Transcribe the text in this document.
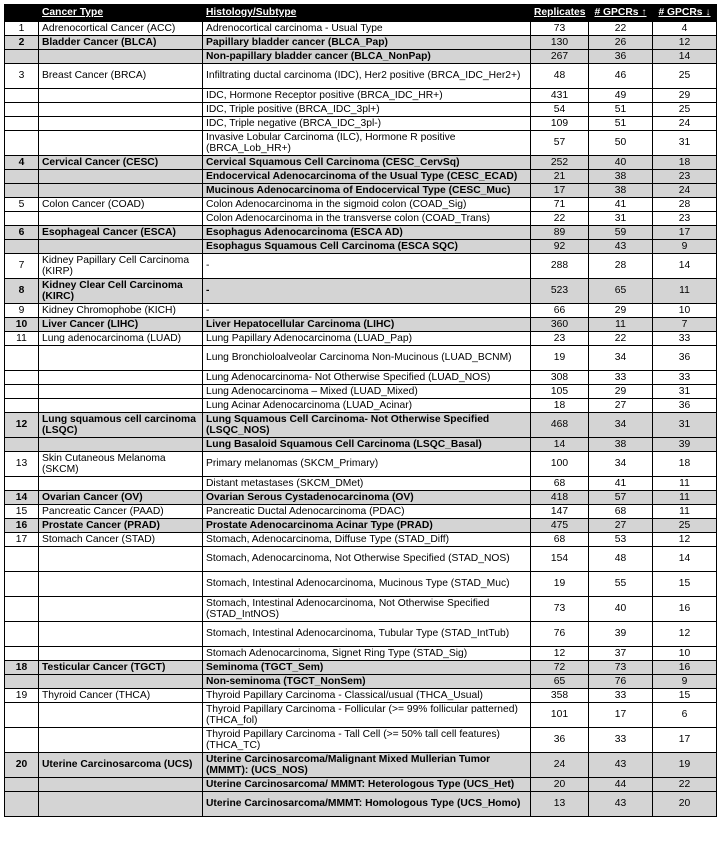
	Cancer Type	Histology/Subtype	Replicates	# GPCRs ↑	# GPCRs ↓
1	Adrenocortical Cancer (ACC)	Adrenocortical carcinoma - Usual Type	73	22	4
2	Bladder Cancer (BLCA)	Papillary bladder cancer (BLCA_Pap)	130	26	12
		Non-papillary bladder cancer (BLCA_NonPap)	267	36	14
3	Breast Cancer (BRCA)	Infiltrating ductal carcinoma (IDC), Her2 positive (BRCA_IDC_Her2+)	48	46	25
		IDC, Hormone Receptor positive (BRCA_IDC_HR+)	431	49	29
		IDC, Triple positive (BRCA_IDC_3pl+)	54	51	25
		IDC, Triple negative (BRCA_IDC_3pl-)	109	51	24
		Invasive Lobular Carcinoma (ILC), Hormone R positive (BRCA_Lob_HR+)	57	50	31
4	Cervical Cancer (CESC)	Cervical Squamous Cell Carcinoma (CESC_CervSq)	252	40	18
		Endocervical Adenocarcinoma of the Usual Type (CESC_ECAD)	21	38	23
		Mucinous Adenocarcinoma of Endocervical Type (CESC_Muc)	17	38	24
5	Colon Cancer (COAD)	Colon Adenocarcinoma in the sigmoid colon (COAD_Sig)	71	41	28
		Colon Adenocarcinoma in the transverse colon (COAD_Trans)	22	31	23
6	Esophageal Cancer (ESCA)	Esophagus Adenocarcinoma (ESCA AD)	89	59	17
		Esophagus Squamous Cell Carcinoma (ESCA SQC)	92	43	9
7	Kidney Papillary Cell Carcinoma (KIRP)	-	288	28	14
8	Kidney Clear Cell Carcinoma (KIRC)	-	523	65	11
9	Kidney Chromophobe (KICH)	-	66	29	10
10	Liver Cancer (LIHC)	Liver Hepatocellular Carcinoma (LIHC)	360	11	7
11	Lung adenocarcinoma (LUAD)	Lung Papillary Adenocarcinoma (LUAD_Pap)	23	22	33
		Lung Bronchioloalveolar Carcinoma Non-Mucinous (LUAD_BCNM)	19	34	36
		Lung Adenocarcinoma- Not Otherwise Specified (LUAD_NOS)	308	33	33
		Lung Adenocarcinoma – Mixed (LUAD_Mixed)	105	29	31
		Lung Acinar Adenocarcinoma (LUAD_Acinar)	18	27	36
12	Lung squamous cell carcinoma (LSQC)	Lung Squamous Cell Carcinoma- Not Otherwise Specified (LSQC_NOS)	468	34	31
		Lung Basaloid Squamous Cell Carcinoma (LSQC_Basal)	14	38	39
13	Skin Cutaneous Melanoma (SKCM)	Primary melanomas (SKCM_Primary)	100	34	18
		Distant metastases (SKCM_DMet)	68	41	11
14	Ovarian Cancer (OV)	Ovarian Serous Cystadenocarcinoma (OV)	418	57	11
15	Pancreatic Cancer (PAAD)	Pancreatic Ductal Adenocarcinoma (PDAC)	147	68	11
16	Prostate Cancer (PRAD)	Prostate Adenocarcinoma Acinar Type (PRAD)	475	27	25
17	Stomach Cancer (STAD)	Stomach, Adenocarcinoma, Diffuse Type (STAD_Diff)	68	53	12
		Stomach, Adenocarcinoma, Not Otherwise Specified (STAD_NOS)	154	48	14
		Stomach, Intestinal Adenocarcinoma, Mucinous Type (STAD_Muc)	19	55	15
		Stomach, Intestinal Adenocarcinoma, Not Otherwise Specified (STAD_IntNOS)	73	40	16
		Stomach, Intestinal Adenocarcinoma, Tubular Type (STAD_IntTub)	76	39	12
		Stomach Adenocarcinoma, Signet Ring Type (STAD_Sig)	12	37	10
18	Testicular Cancer (TGCT)	Seminoma (TGCT_Sem)	72	73	16
		Non-seminoma (TGCT_NonSem)	65	76	9
19	Thyroid Cancer (THCA)	Thyroid Papillary Carcinoma - Classical/usual (THCA_Usual)	358	33	15
		Thyroid Papillary Carcinoma - Follicular (>= 99% follicular patterned) (THCA_fol)	101	17	6
		Thyroid Papillary Carcinoma - Tall Cell (>= 50% tall cell features) (THCA_TC)	36	33	17
20	Uterine Carcinosarcoma (UCS)	Uterine Carcinosarcoma/Malignant Mixed Mullerian Tumor (MMMT): (UCS_NOS)	24	43	19
		Uterine Carcinosarcoma/ MMMT: Heterologous Type (UCS_Het)	20	44	22
		Uterine Carcinosarcoma/MMMT: Homologous Type (UCS_Homo)	13	43	20
